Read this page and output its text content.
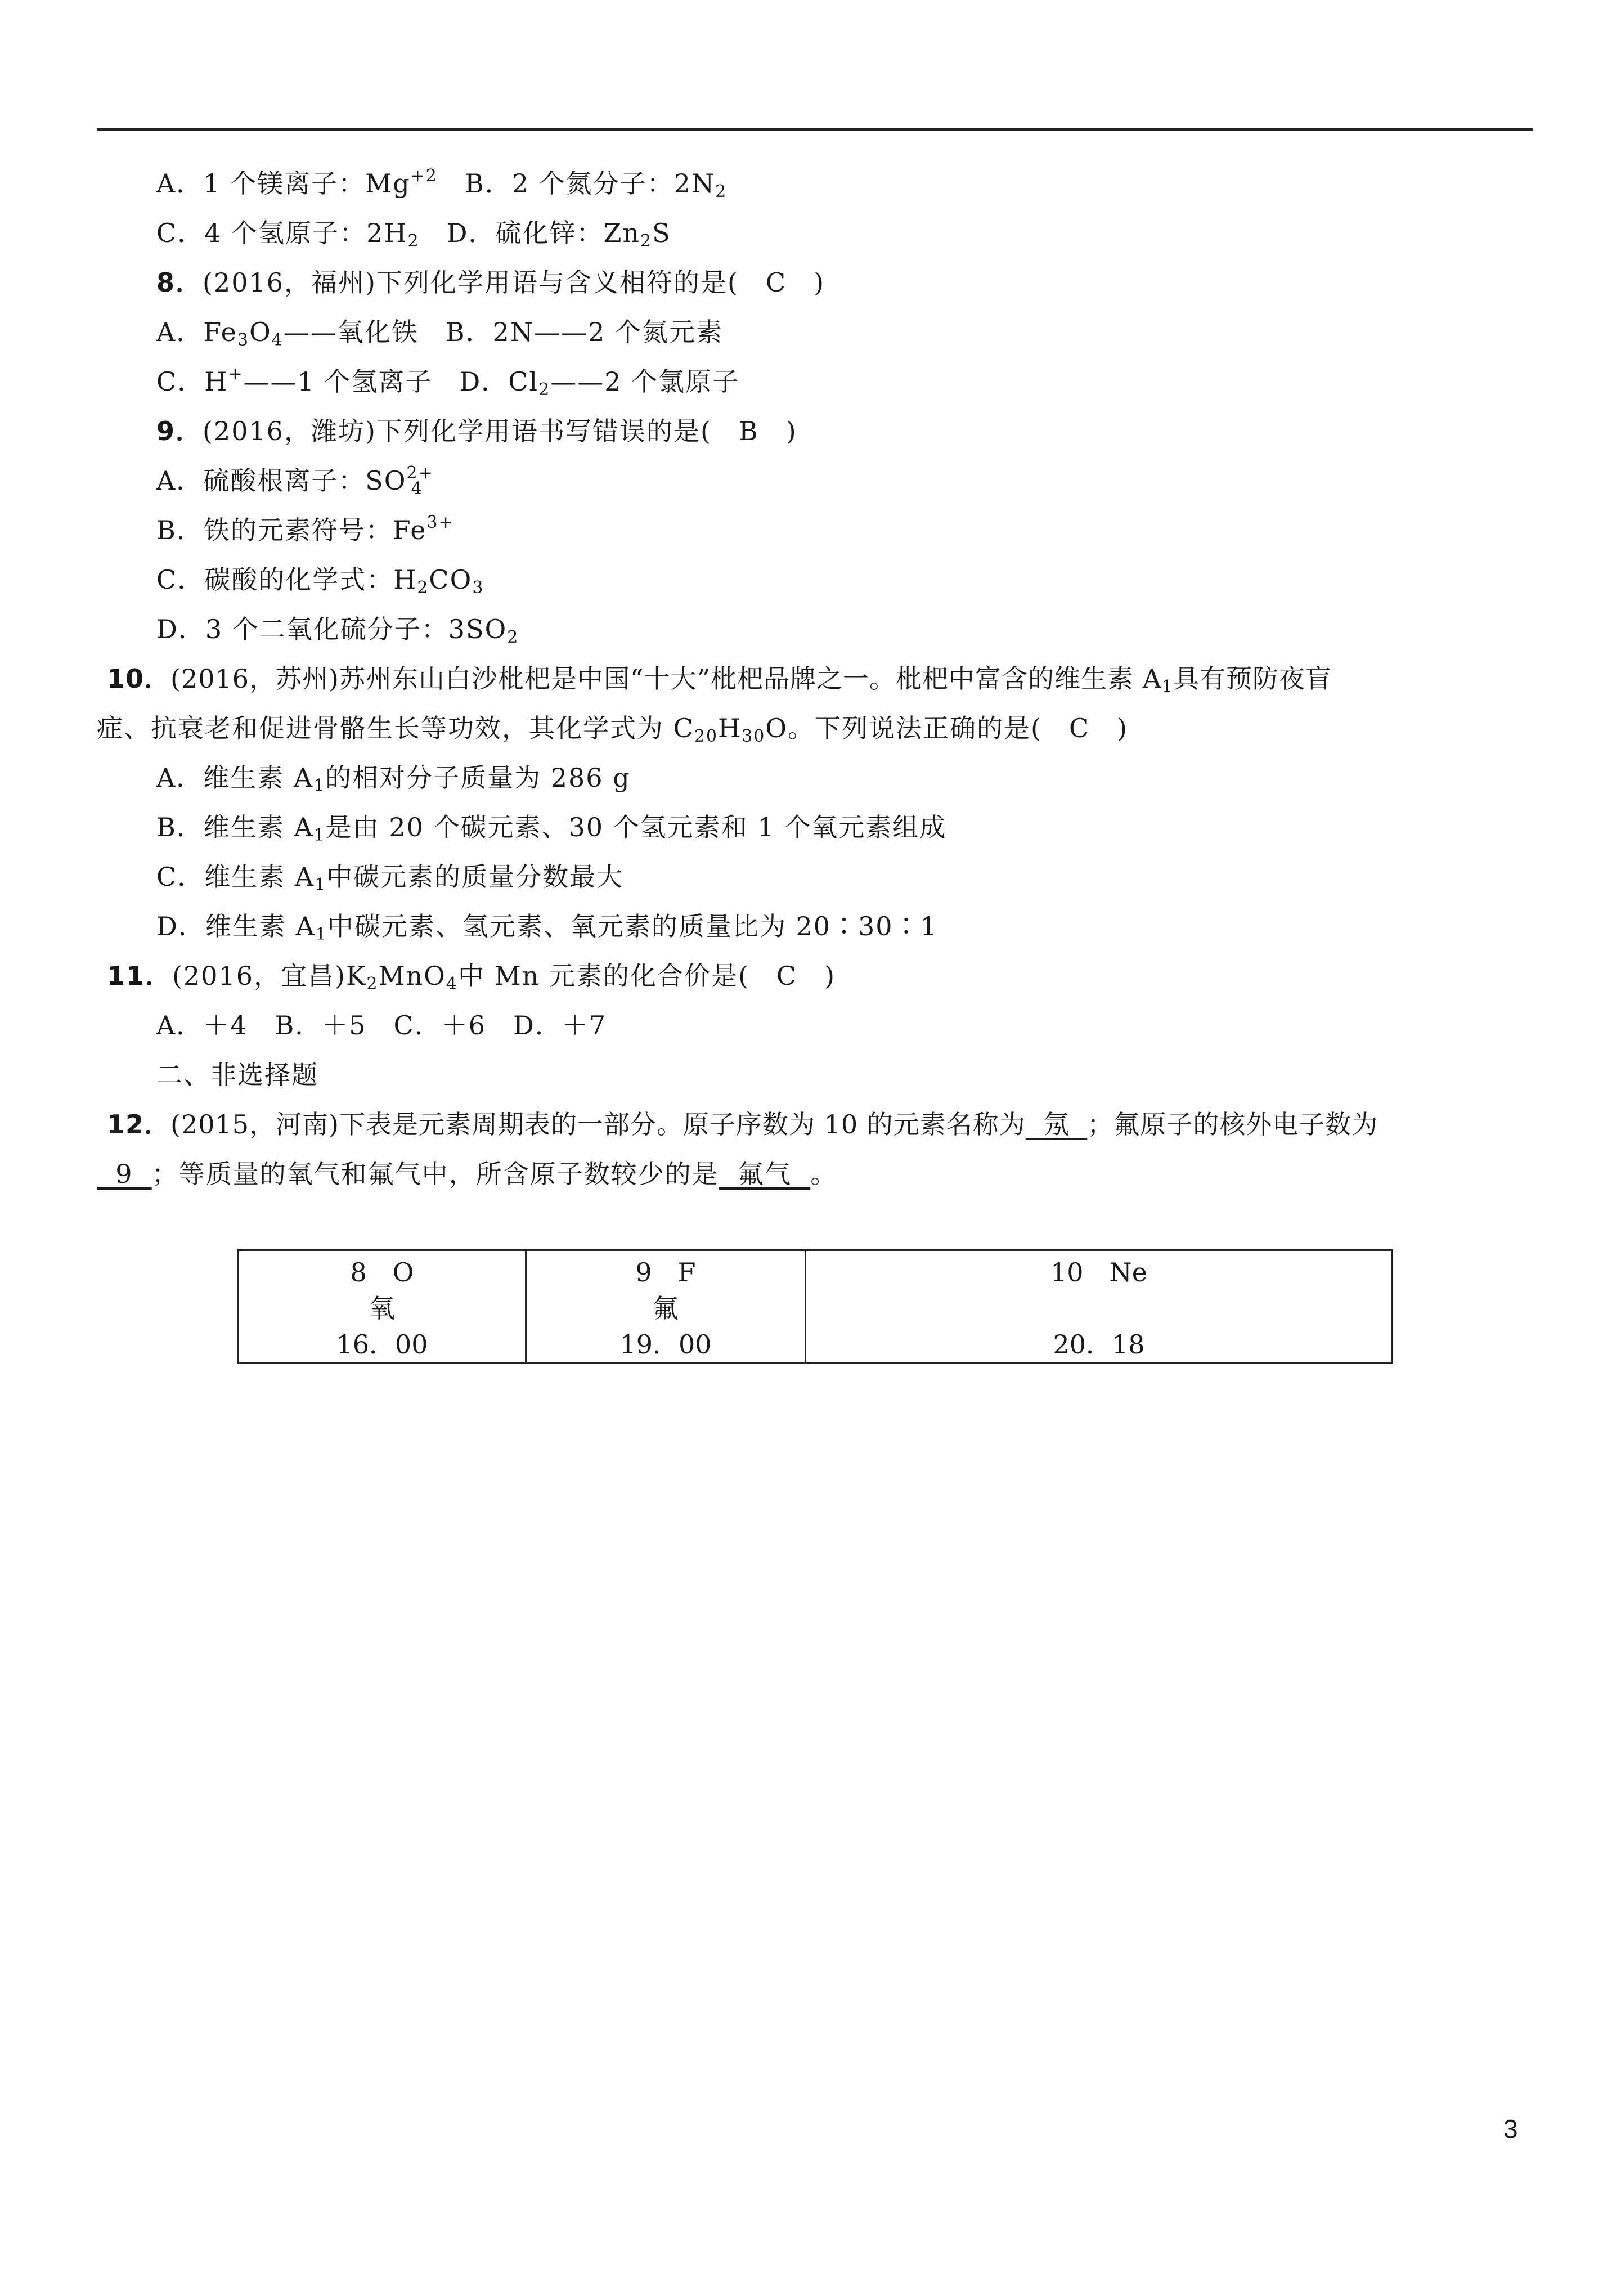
A．1 个镁离子：$Mg^{+2}$　B．2 个氮分子：$2N_2$
C．4 个氢原子：$2H_2$　D．硫化锌：$Zn_2S$
8．(2016，福州)下列化学用语与含义相符的是(　C　)
A．$Fe_3O_4——$氧化铁　B．2N——2 个氮元素
C．H+——1 个氢离子　D．$Cl_2——2$ 个氯原子
9．(2016，潍坊)下列化学用语书写错误的是(　B　)
A．硫酸根离子：$SO^{2+}_4$
B．铁的元素符号：$Fe^{3+}$
C．碳酸的化学式：$H_2CO_3$
D．3 个二氧化硫分子：$3SO_2$
10．(2016，苏州)苏州东山白沙枇杷是中国“十大”枇杷品牌之一。枇杷中富含的维生素 $A_1$具有预防夜盲
症、抗衰老和促进骨骼生长等功效，其化学式为 $C_{20}H_{30}O$。下列说法正确的是(　C　)
A．维生素 $A_1$的相对分子质量为 286 g
B．维生素 $A_1$是由 20 个碳元素、30 个氢元素和 1 个氧元素组成
C．维生素 $A_1$中碳元素的质量分数最大
D．维生素 $A_1$中碳元素、氢元素、氧元素的质量比为 20∶30∶1
11．(2016，宜昌)$K_2MnO_4$中 Mn 元素的化合价是(　C　)
A．＋4　B．＋5　C．＋6　D．＋7
二、非选择题
12．(2015，河南)下表是元素周期表的一部分。原子序数为 10 的元素名称为  氖  ；氟原子的核外电子数为
9  ；等质量的氧气和氟气中，所含原子数较少的是  氟气  。
8　O
氧
16．00

9　F
氟
19．00

10　Ne
20．18
3
